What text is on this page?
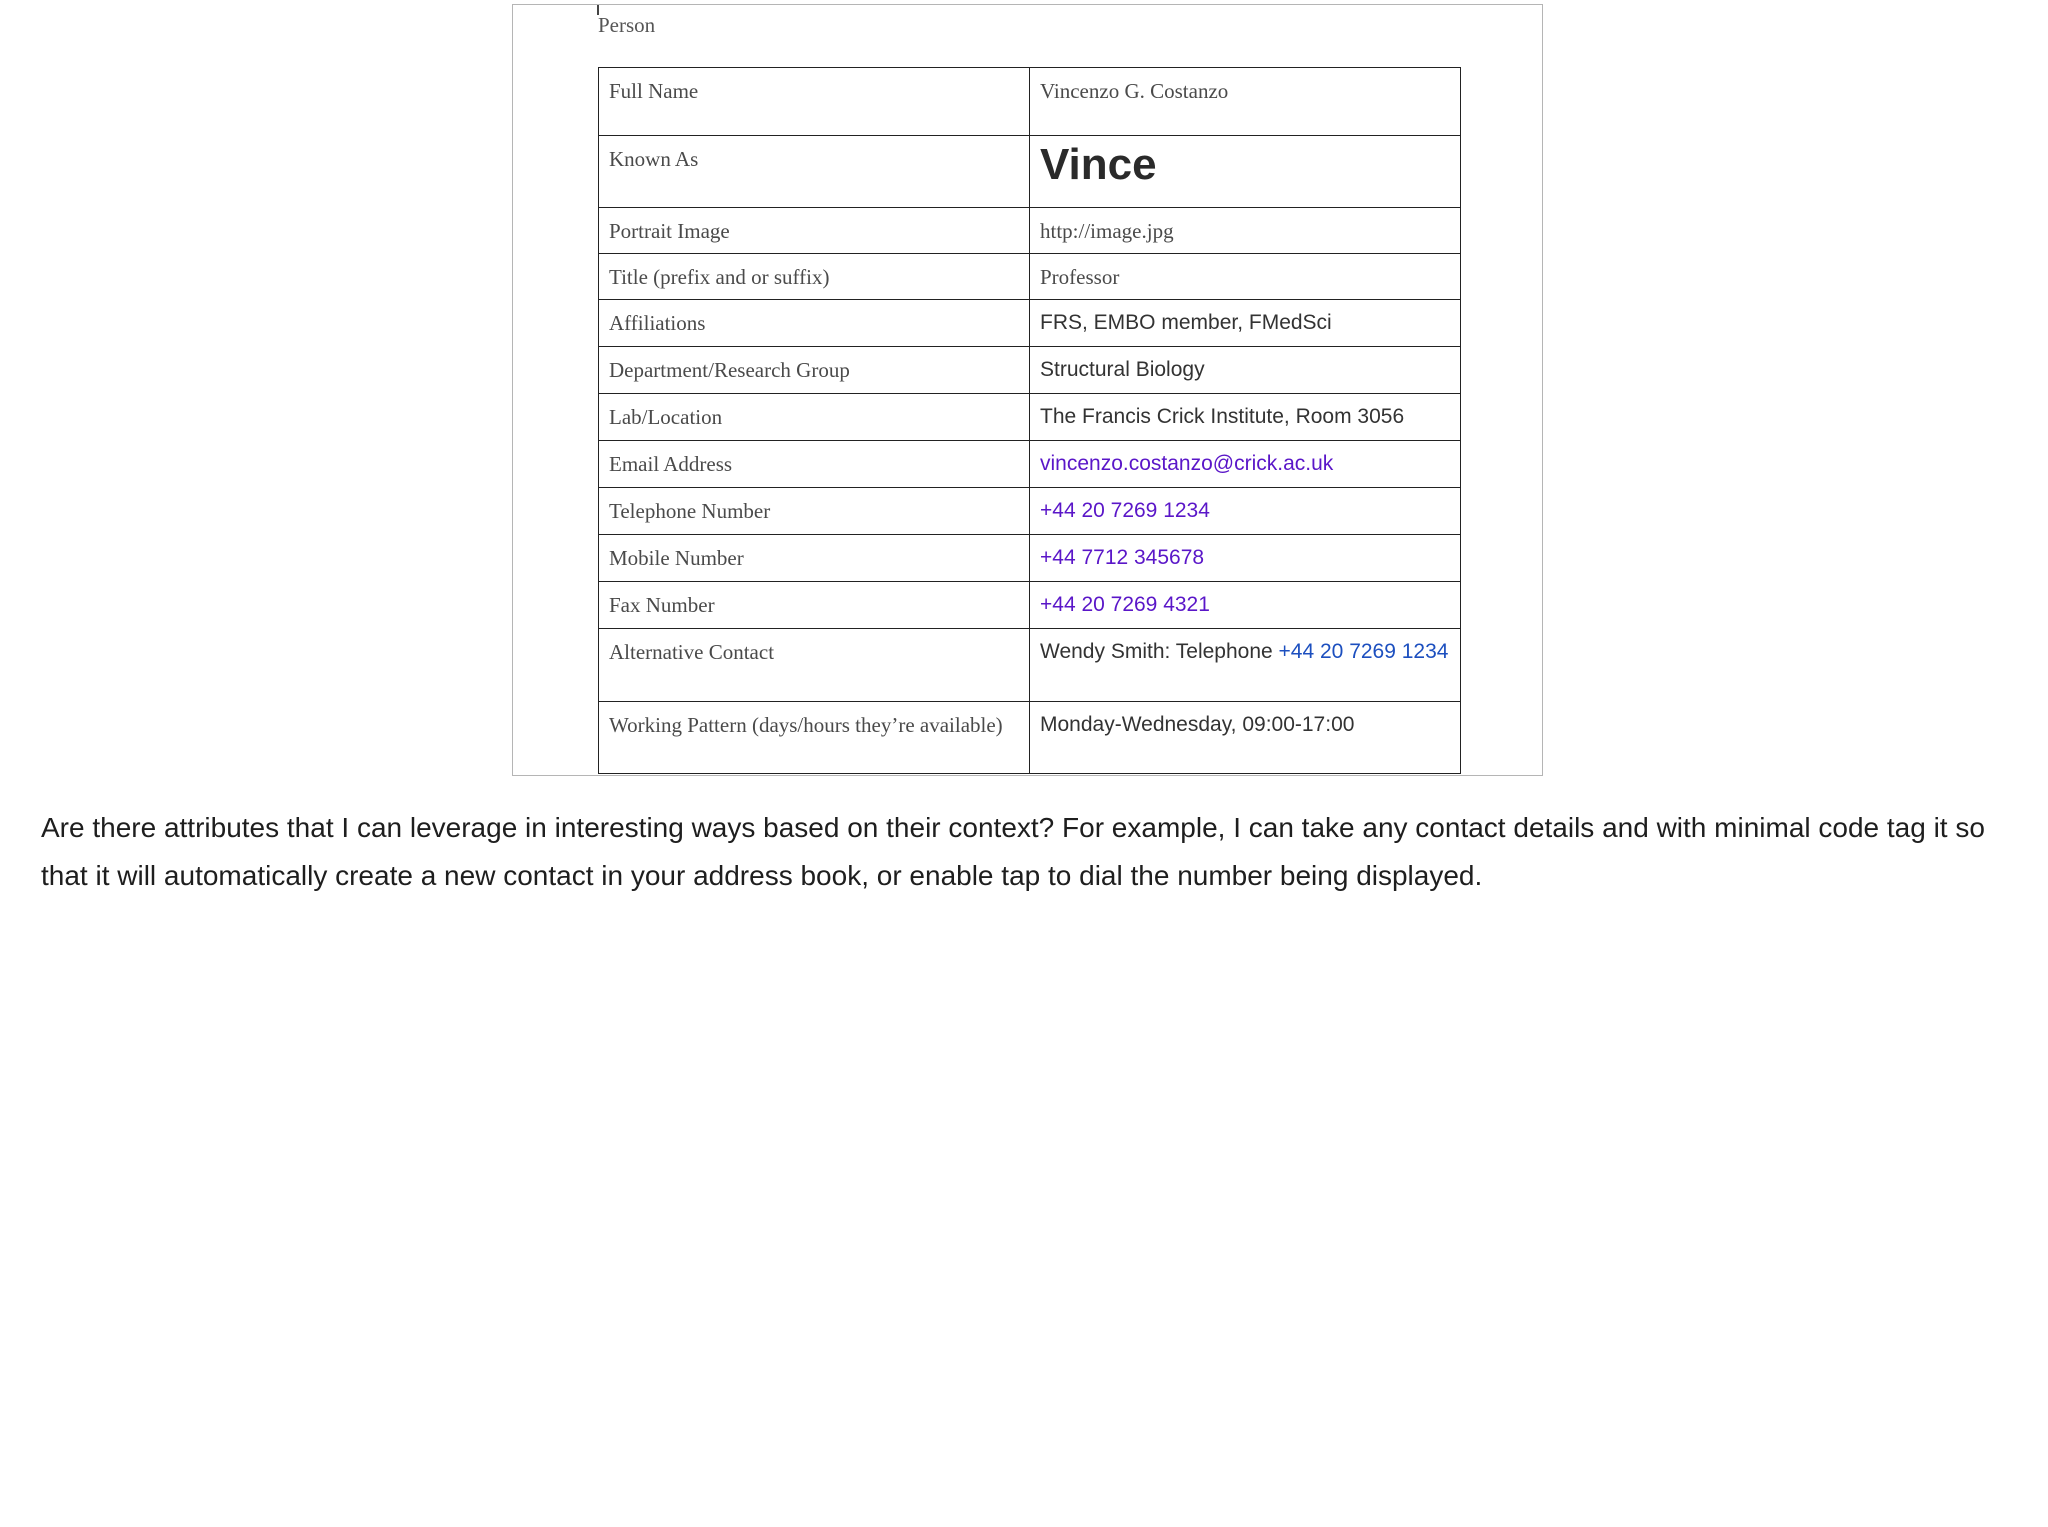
Person
Full Name	Vincenzo G. Costanzo
Known As	Vince
Portrait Image	http://image.jpg
Title (prefix and or suffix)	Professor
Affiliations	FRS, EMBO member, FMedSci
Department/Research Group	Structural Biology
Lab/Location	The Francis Crick Institute, Room 3056
Email Address	vincenzo.costanzo@crick.ac.uk
Telephone Number	+44 20 7269 1234
Mobile Number	+44 7712 345678
Fax Number	+44 20 7269 4321
Alternative Contact	Wendy Smith: Telephone +44 20 7269 1234
Working Pattern (days/hours they’re available)	Monday-Wednesday, 09:00-17:00

Are there attributes that I can leverage in interesting ways based on their context? For example, I can take any contact details and with minimal code tag it so that it will automatically create a new contact in your address book, or enable tap to dial the number being displayed.
